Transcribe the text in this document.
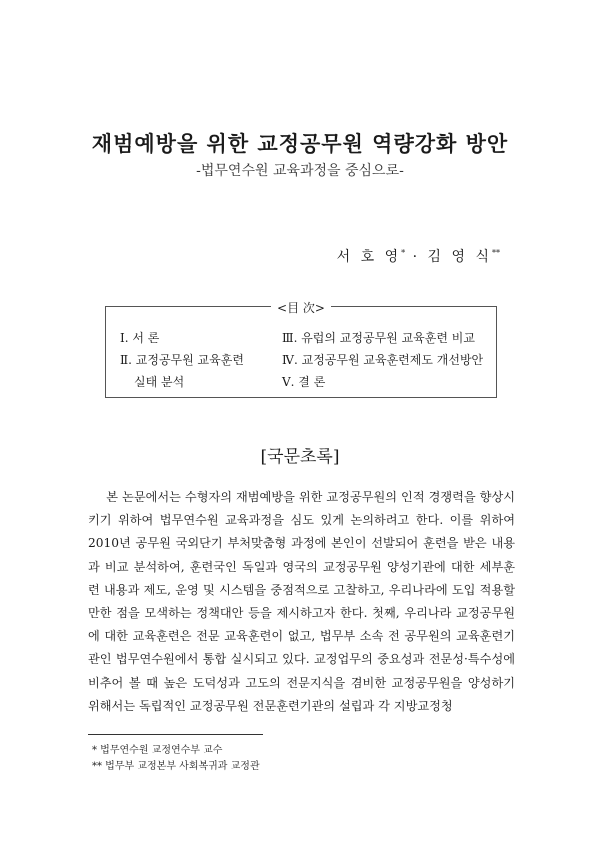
재범예방을 위한 교정공무원 역량강화 방안
-법무연수원 교육과정을 중심으로-
서 호 영* · 김 영 식**
<目 次>
Ⅰ. 서 론
Ⅱ. 교정공무원 교육훈련
실태 분석
Ⅲ. 유럽의 교정공무원 교육훈련 비교
Ⅳ. 교정공무원 교육훈련제도 개선방안
Ⅴ. 결 론
[국문초록]

본 논문에서는 수형자의 재범예방을 위한 교정공무원의 인적 경쟁력을 향상시키기 위하여 법무연수원 교육과정을 심도 있게 논의하려고 한다. 이를 위하여 2010년 공무원 국외단기 부처맞춤형 과정에 본인이 선발되어 훈련을 받은 내용과 비교 분석하여, 훈련국인 독일과 영국의 교정공무원 양성기관에 대한 세부훈련 내용과 제도, 운영 및 시스템을 중점적으로 고찰하고, 우리나라에 도입 적용할만한 점을 모색하는 정책대안 등을 제시하고자 한다. 첫째, 우리나라 교정공무원에 대한 교육훈련은 전문 교육훈련이 없고, 법무부 소속 전 공무원의 교육훈련기관인 법무연수원에서 통합 실시되고 있다. 교정업무의 중요성과 전문성·특수성에 비추어 볼 때 높은 도덕성과 고도의 전문지식을 겸비한 교정공무원을 양성하기 위해서는 독립적인 교정공무원 전문훈련기관의 설립과 각 지방교정청

* 법무연수원 교정연수부 교수
** 법무부 교정본부 사회복귀과 교정관
